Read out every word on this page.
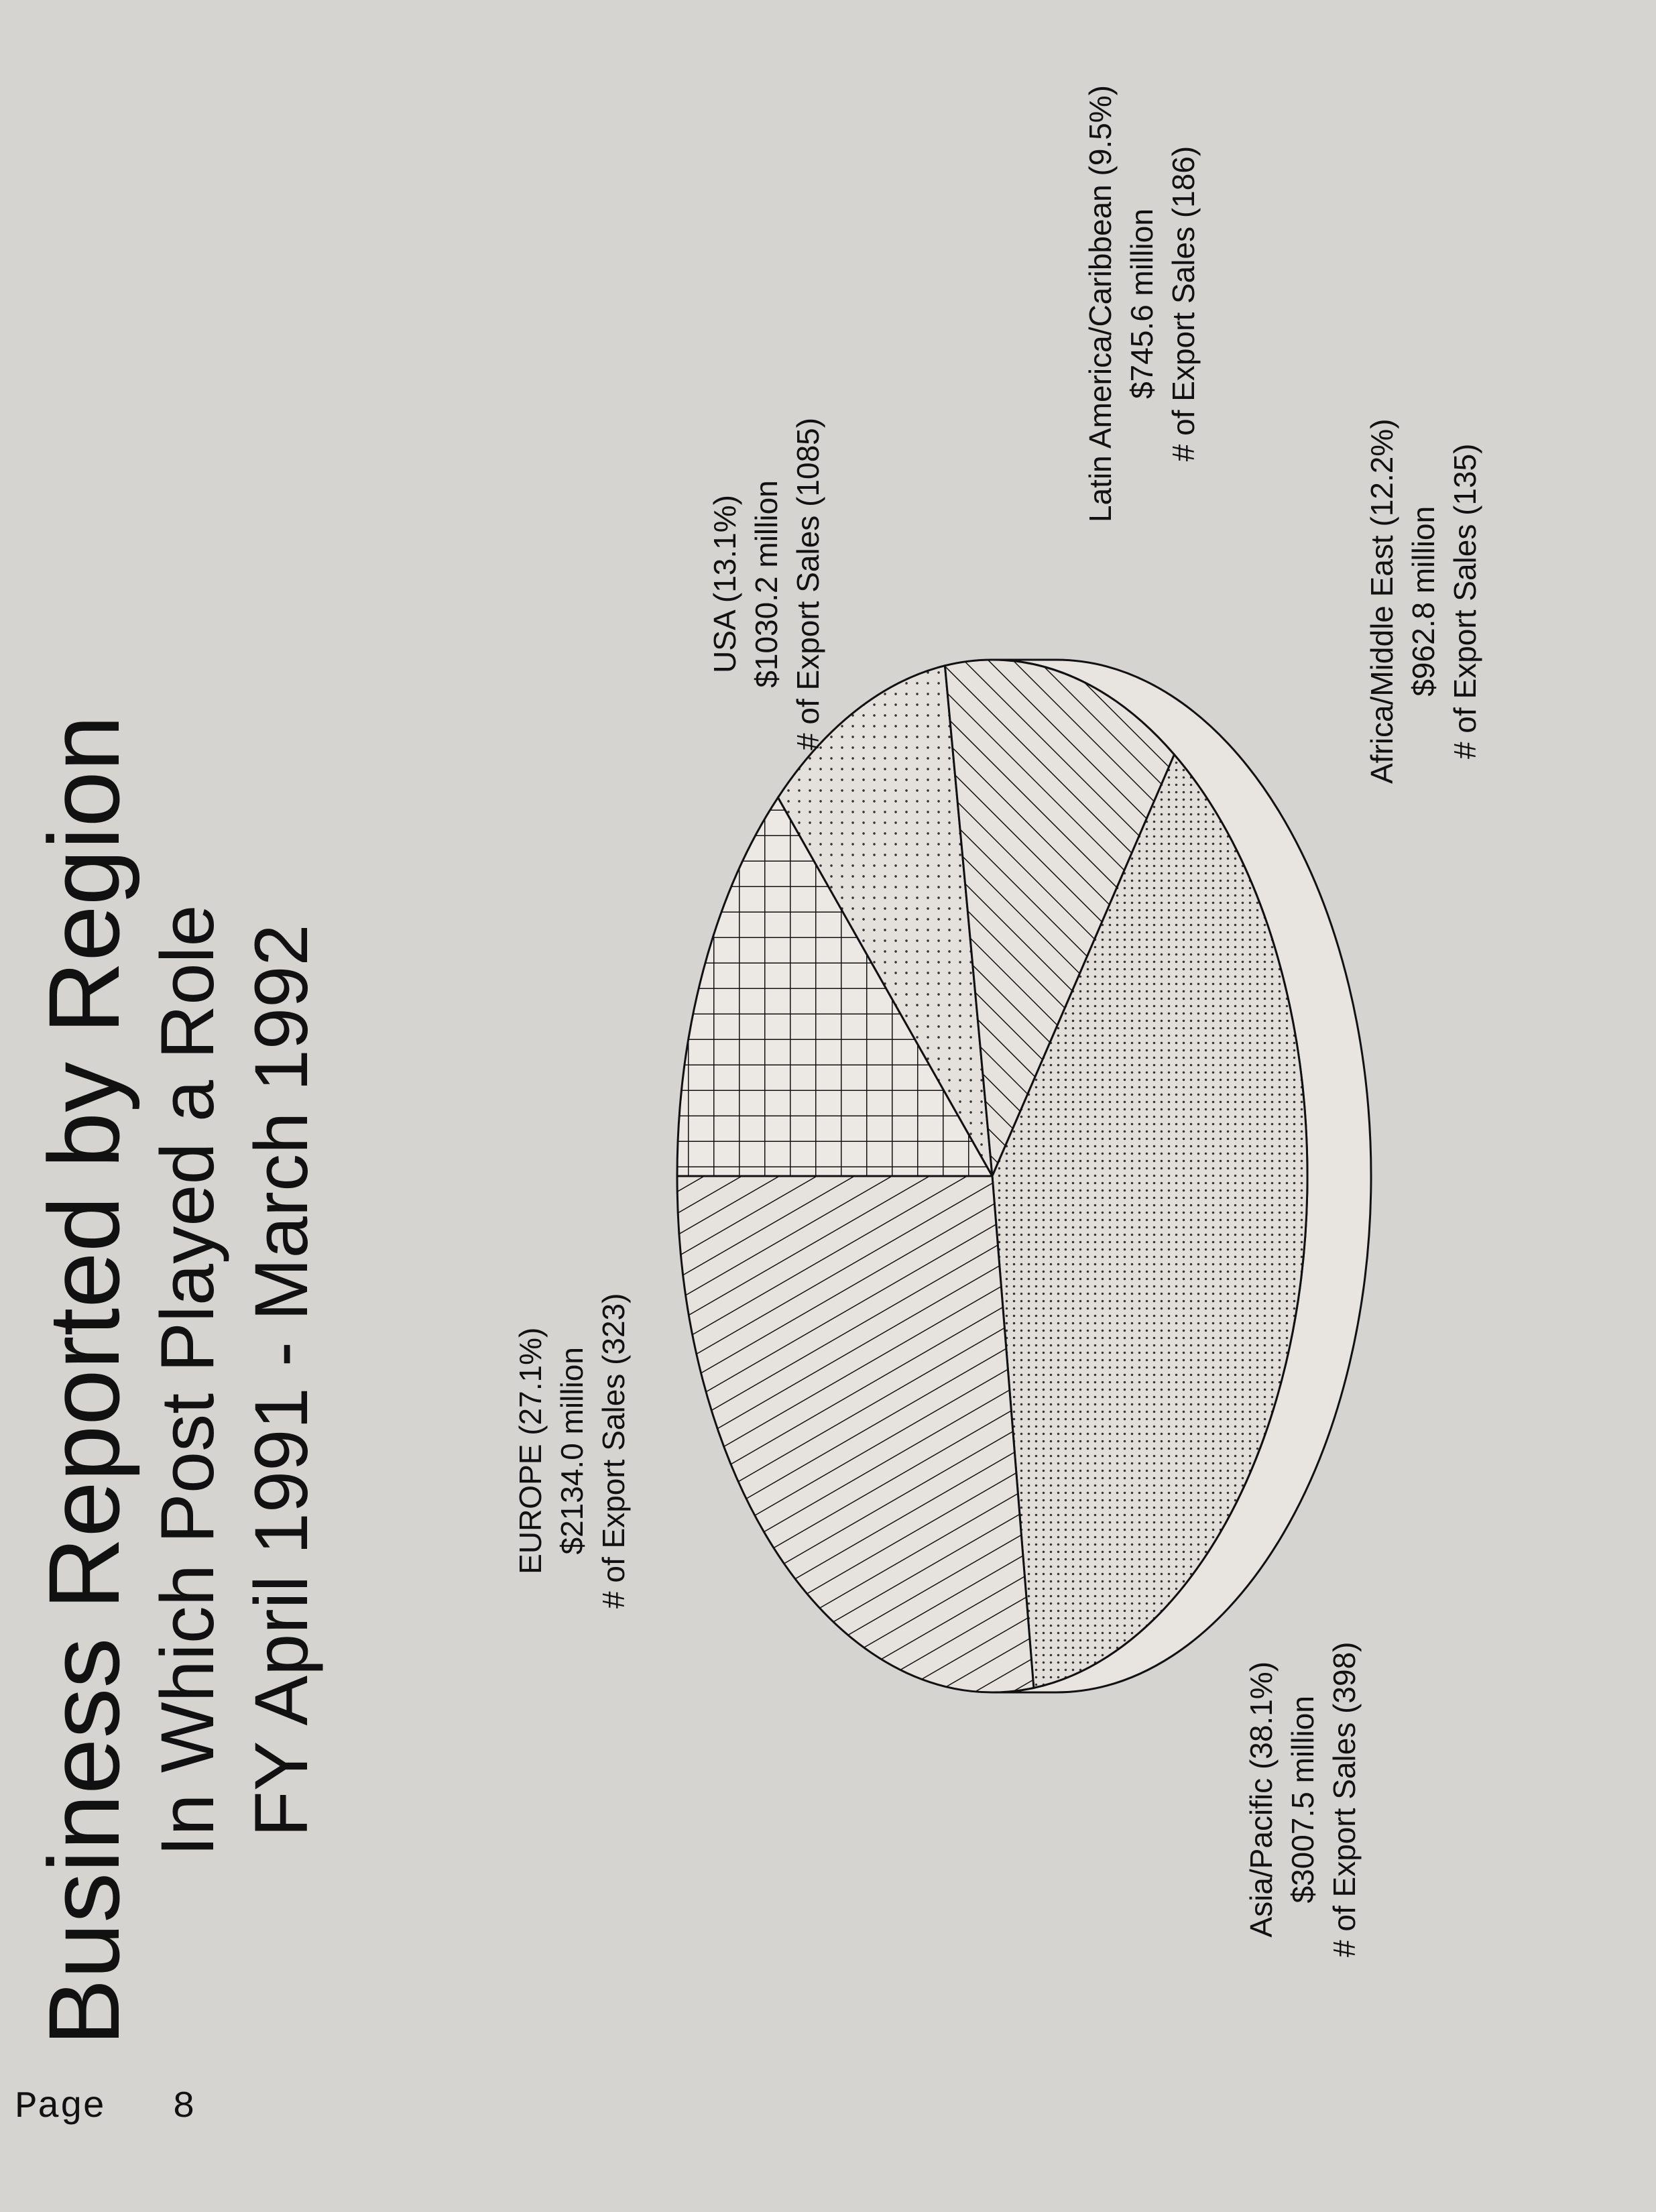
Business Reported by Region In Which Post Played a Role FY April 1991 - March 1992
USA (13.1%) $1030.2 million # of Export Sales (1085)
Latin America/Caribbean (9.5%) $745.6 million # of Export Sales (186)
Africa/Middle East (12.2%) $962.8 million # of Export Sales (135)
Asia/Pacific (38.1%) $3007.5 million # of Export Sales (398)
EUROPE (27.1%) $2134.0 million # of Export Sales (323)
Page 8
